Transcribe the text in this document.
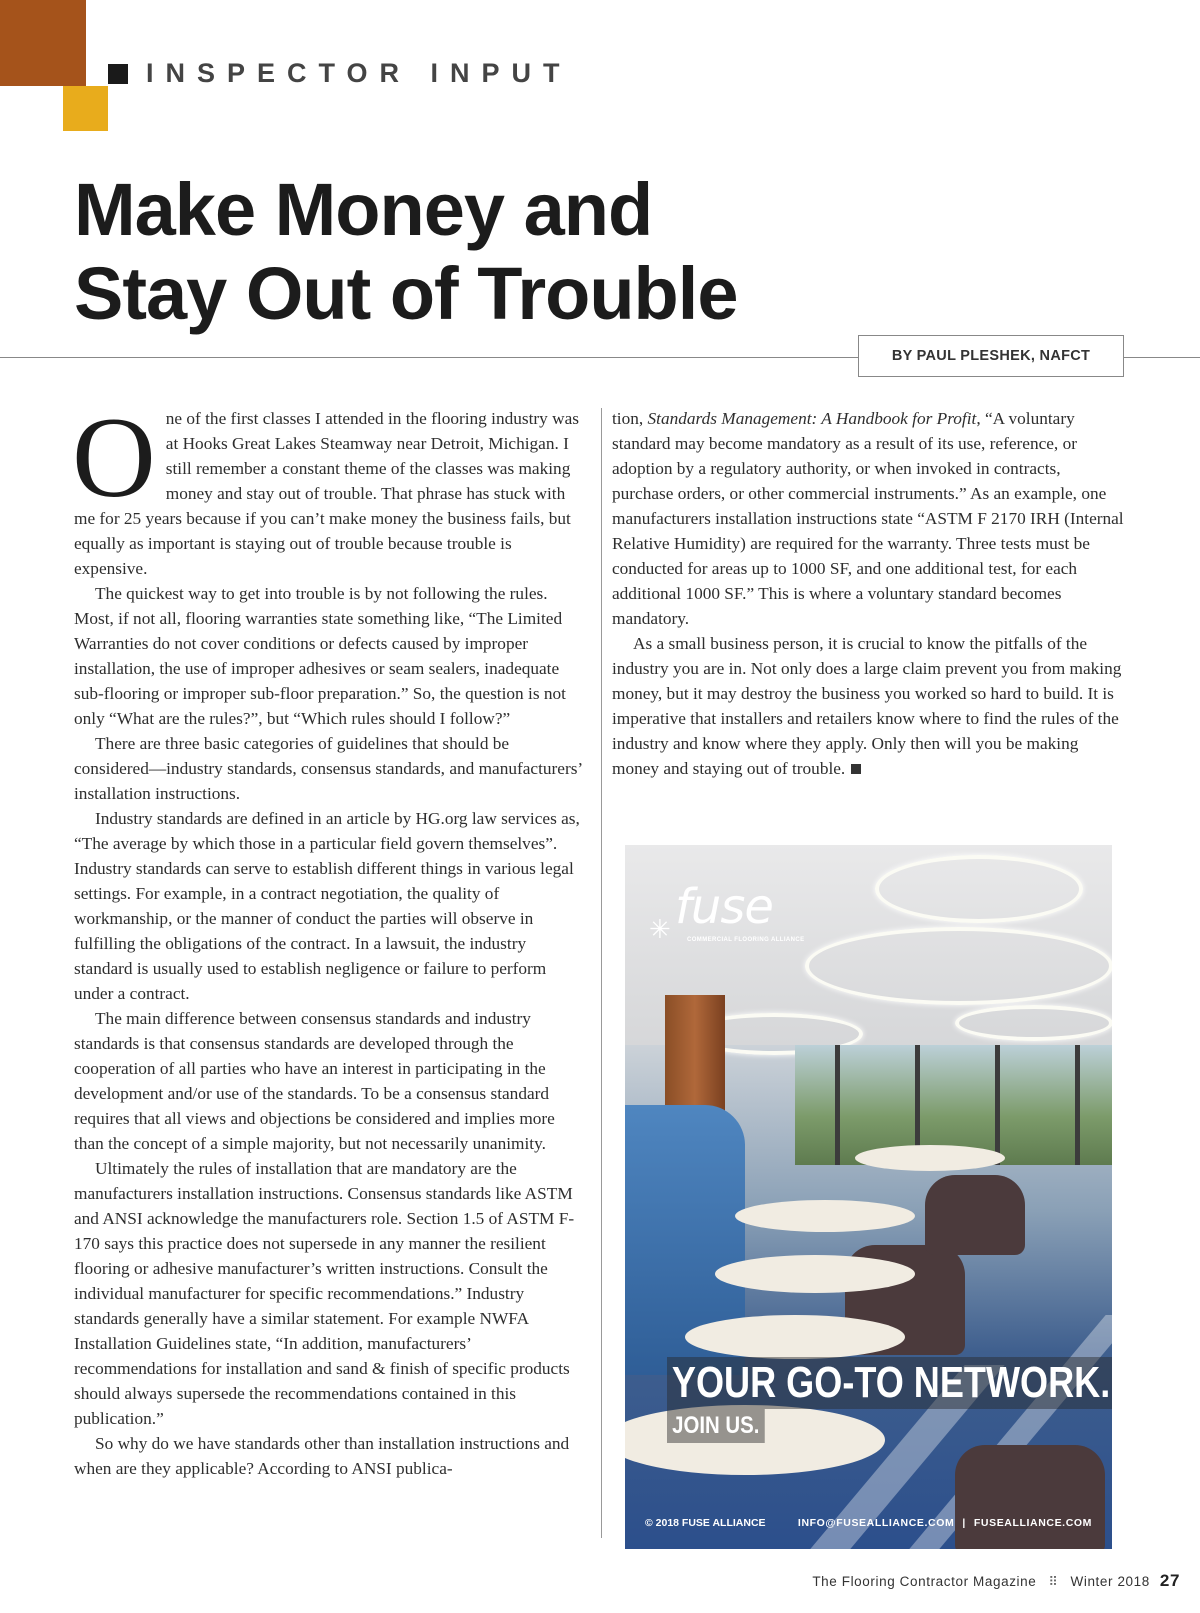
INSPECTOR INPUT
Make Money and
Stay Out of Trouble
BY PAUL PLESHEK, NAFCT

One of the first classes I attended in the flooring industry was at Hooks Great Lakes Steamway near Detroit, Michigan. I still remember a constant theme of the classes was making money and stay out of trouble. That phrase has stuck with me for 25 years because if you can’t make money the business fails, but equally as important is staying out of trouble because trouble is expensive.

The quickest way to get into trouble is by not following the rules. Most, if not all, flooring warranties state something like, “The Limited Warranties do not cover conditions or defects caused by improper installation, the use of improper adhesives or seam sealers, inadequate sub-flooring or improper sub-floor preparation.” So, the question is not only “What are the rules?”, but “Which rules should I follow?”

There are three basic categories of guidelines that should be considered—industry standards, consensus standards, and manufacturers’ installation instructions.

Industry standards are defined in an article by HG.org law services as, “The average by which those in a particular field govern themselves”. Industry standards can serve to establish different things in various legal settings. For example, in a contract negotiation, the quality of workmanship, or the manner of conduct the parties will observe in fulfilling the obligations of the contract. In a lawsuit, the industry standard is usually used to establish negligence or failure to perform under a contract.

The main difference between consensus standards and industry standards is that consensus standards are developed through the cooperation of all parties who have an interest in participating in the development and/or use of the standards. To be a consensus standard requires that all views and objections be considered and implies more than the concept of a simple majority, but not necessarily unanimity.

Ultimately the rules of installation that are mandatory are the manufacturers installation instructions. Consensus standards like ASTM and ANSI acknowledge the manufacturers role. Section 1.5 of ASTM F-170 says this practice does not supersede in any manner the resilient flooring or adhesive manufacturer’s written instructions. Consult the individual manufacturer for specific recommendations.” Industry standards generally have a similar statement. For example NWFA Installation Guidelines state, “In addition, manufacturers’ recommendations for installation and sand & finish of specific products should always supersede the recommendations contained in this publication.”

So why do we have standards other than installation instructions and when are they applicable? According to ANSI publica-

tion, Standards Management: A Handbook for Profit, “A voluntary standard may become mandatory as a result of its use, reference, or adoption by a regulatory authority, or when invoked in contracts, purchase orders, or other commercial instruments.” As an example, one manufacturers installation instructions state “ASTM F 2170 IRH (Internal Relative Humidity) are required for the warranty. Three tests must be conducted for areas up to 1000 SF, and one additional test, for each additional 1000 SF.” This is where a voluntary standard becomes mandatory.

As a small business person, it is crucial to know the pitfalls of the industry you are in. Not only does a large claim prevent you from making money, but it may destroy the business you worked so hard to build. It is imperative that installers and retailers know where to find the rules of the industry and know where they apply. Only then will you be making money and staying out of trouble.

✳ fuse
COMMERCIAL FLOORING ALLIANCE
YOUR GO-TO NETWORK.
JOIN US.
© 2018 FUSE ALLIANCE	INFO@FUSEALLIANCE.COM | FUSEALLIANCE.COM
The Flooring Contractor Magazine ⠿ Winter 2018 27
